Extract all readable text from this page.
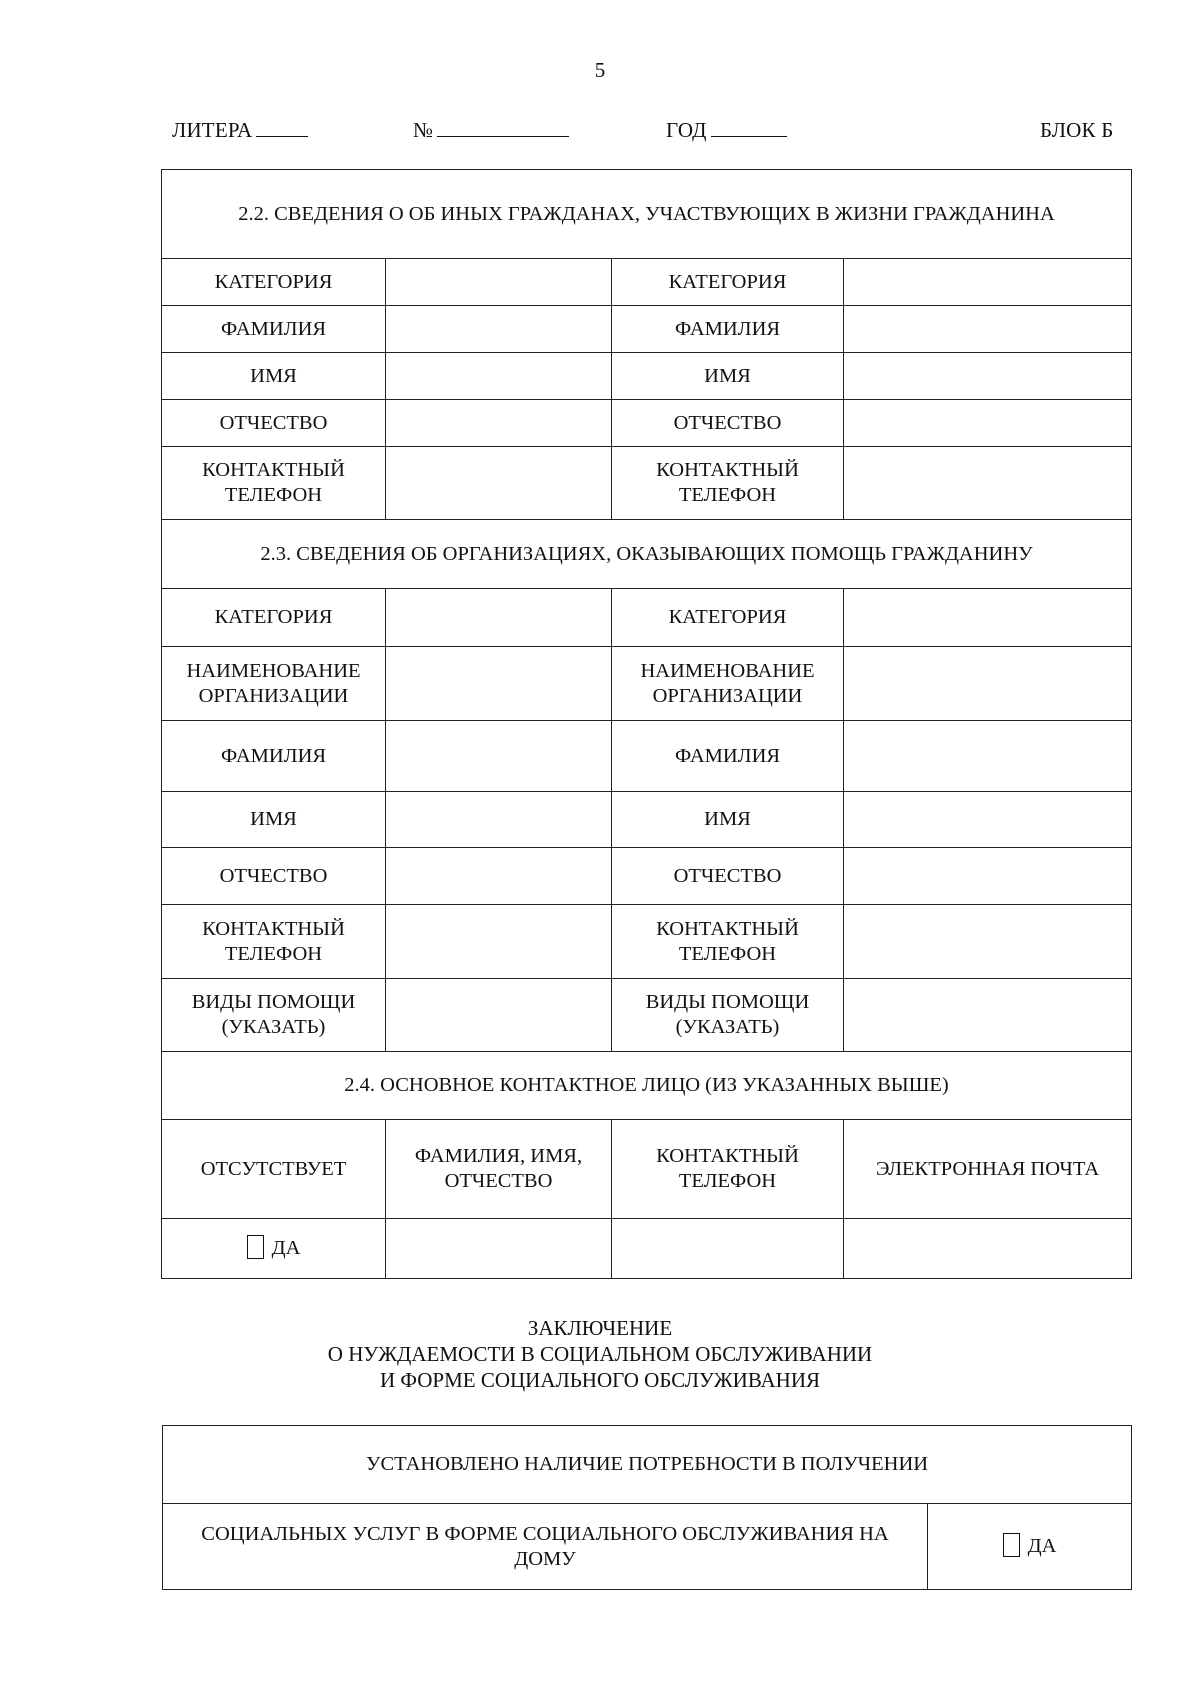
5
ЛИТЕРА	№	ГОД	БЛОК Б
2.2. СВЕДЕНИЯ О ОБ ИНЫХ ГРАЖДАНАХ, УЧАСТВУЮЩИХ В ЖИЗНИ ГРАЖДАНИНА			
КАТЕГОРИЯ		КАТЕГОРИЯ	
ФАМИЛИЯ		ФАМИЛИЯ	
ИМЯ		ИМЯ	
ОТЧЕСТВО		ОТЧЕСТВО	
КОНТАКТНЫЙ ТЕЛЕФОН		КОНТАКТНЫЙ ТЕЛЕФОН	
2.3. СВЕДЕНИЯ ОБ ОРГАНИЗАЦИЯХ, ОКАЗЫВАЮЩИХ ПОМОЩЬ ГРАЖДАНИНУ			
КАТЕГОРИЯ		КАТЕГОРИЯ	
НАИМЕНОВАНИЕ ОРГАНИЗАЦИИ		НАИМЕНОВАНИЕ ОРГАНИЗАЦИИ	
ФАМИЛИЯ		ФАМИЛИЯ	
ИМЯ		ИМЯ	
ОТЧЕСТВО		ОТЧЕСТВО	
КОНТАКТНЫЙ ТЕЛЕФОН		КОНТАКТНЫЙ ТЕЛЕФОН	
ВИДЫ ПОМОЩИ (УКАЗАТЬ)		ВИДЫ ПОМОЩИ (УКАЗАТЬ)	
2.4. ОСНОВНОЕ КОНТАКТНОЕ ЛИЦО (ИЗ УКАЗАННЫХ ВЫШЕ)			
ОТСУТСТВУЕТ	ФАМИЛИЯ, ИМЯ, ОТЧЕСТВО	КОНТАКТНЫЙ ТЕЛЕФОН	ЭЛЕКТРОННАЯ ПОЧТА
ДА			
ЗАКЛЮЧЕНИЕ
О НУЖДАЕМОСТИ В СОЦИАЛЬНОМ ОБСЛУЖИВАНИИ
И ФОРМЕ СОЦИАЛЬНОГО ОБСЛУЖИВАНИЯ
УСТАНОВЛЕНО НАЛИЧИЕ ПОТРЕБНОСТИ В ПОЛУЧЕНИИ
СОЦИАЛЬНЫХ УСЛУГ В ФОРМЕ СОЦИАЛЬНОГО ОБСЛУЖИВАНИЯ НА ДОМУ	ДА
